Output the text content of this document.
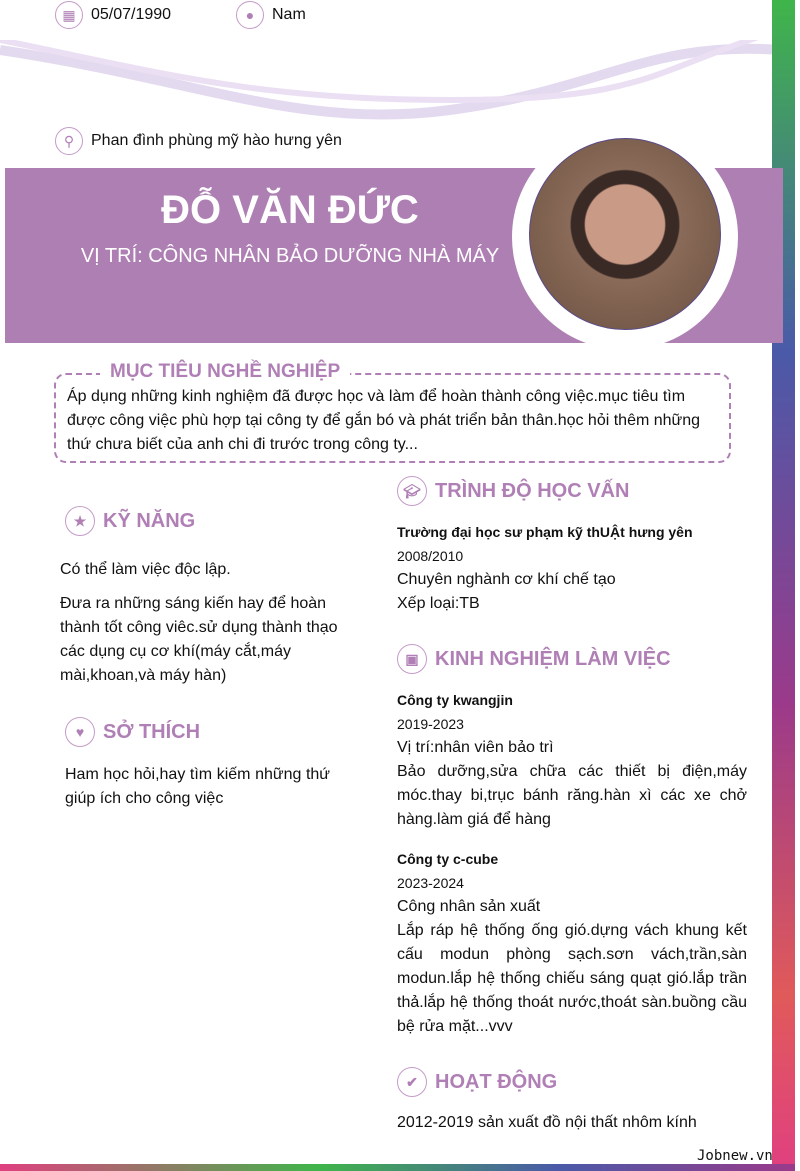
▦ 05/07/1990	●	Nam
⚲	Phan đình phùng mỹ hào hưng yên
ĐỖ VĂN ĐỨC
VỊ TRÍ: CÔNG NHÂN BẢO DƯỠNG NHÀ MÁY
Áp dụng những kinh nghiệm đã được học và làm để hoàn thành công việc.mục tiêu tìm được công việc phù hợp tại công ty để gắn bó và phát triển bản thân.học hỏi thêm những thứ chưa biết của anh chi đi trước trong công ty...
MỤC TIÊU NGHỀ NGHIỆP
★ KỸ NĂNG
Có thể làm việc độc lập.
Đưa ra những sáng kiến hay để hoàn thành tốt công viêc.sử dụng thành thạo các dụng cụ cơ khí(máy cắt,máy mài,khoan,và máy hàn)
♥ SỞ THÍCH
Ham học hỏi,hay tìm kiếm những thứ giúp ích cho công việc
🎓︎ TRÌNH ĐỘ HỌC VẤN
Trường đại học sư phạm kỹ thUẬt hưng yên
2008/2010
Chuyên nghành cơ khí chế tạo
Xếp loại:TB
▣ KINH NGHIỆM LÀM VIỆC
Công ty kwangjin
2019-2023
Vị trí:nhân viên bảo trì
Bảo dưỡng,sửa chữa các thiết bị điện,máy móc.thay bi,trục bánh răng.hàn xì các xe chở hàng.làm giá để hàng
Công ty c-cube
2023-2024
Công nhân sản xuất
Lắp ráp hệ thống ống gió.dựng vách khung kết cấu modun phòng sạch.sơn vách,trần,sàn modun.lắp hệ thống chiếu sáng quạt gió.lắp trần thả.lắp hệ thống thoát nước,thoát sàn.buồng cầu bệ rửa mặt...vvv
✔ HOẠT ĐỘNG
2012-2019 sản xuất đồ nội thất nhôm kính
Jobnew.vn
